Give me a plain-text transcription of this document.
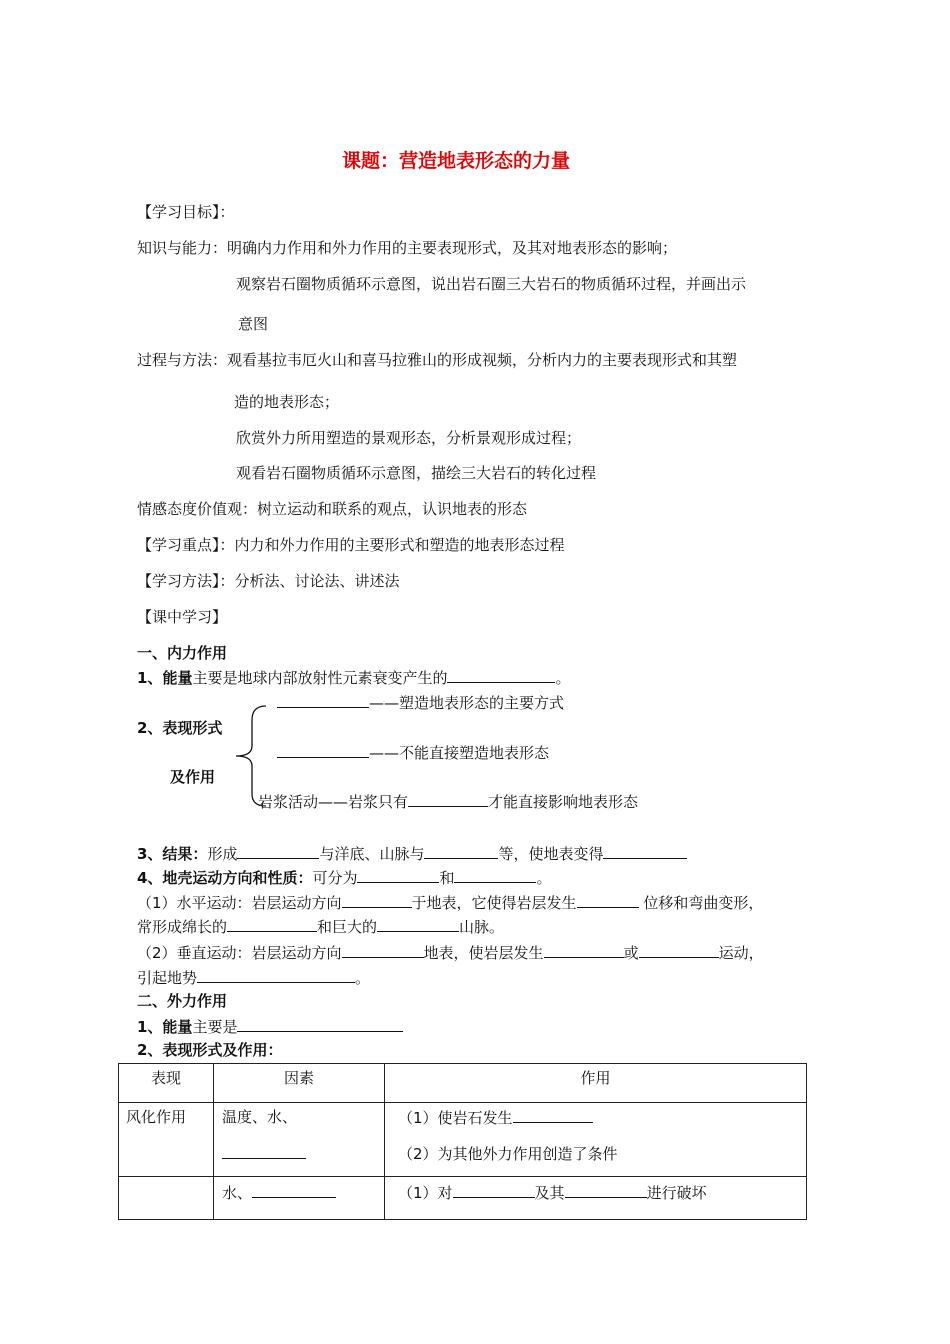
课题：营造地表形态的力量
【学习目标】：
知识与能力：明确内力作用和外力作用的主要表现形式，及其对地表形态的影响；
观察岩石圈物质循环示意图，说出岩石圈三大岩石的物质循环过程，并画出示
意图
过程与方法：观看基拉韦厄火山和喜马拉雅山的形成视频，分析内力的主要表现形式和其塑
造的地表形态；
欣赏外力所用塑造的景观形态，分析景观形成过程；
观看岩石圈物质循环示意图，描绘三大岩石的转化过程
情感态度价值观：树立运动和联系的观点，认识地表的形态
【学习重点】：内力和外力作用的主要形式和塑造的地表形态过程
【学习方法】：分析法、讨论法、讲述法
【课中学习】
一、内力作用
1、能量主要是地球内部放射性元素衰变产生的	。
2、表现形式
及作用
——塑造地表形态的主要方式
——不能直接塑造地表形态
岩浆活动——岩浆只有	才能直接影响地表形态
3、结果：形成	与洋底、山脉与	等，使地表变得
4、地壳运动方向和性质：可分为	和	。
（1）水平运动：岩层运动方向	于地表，它使得岩层发生	位移和弯曲变形，
常形成绵长的	和巨大的	山脉。
（2）垂直运动：岩层运动方向	地表，使岩层发生	或	运动，
引起地势	。
二、外力作用
1、能量主要是
2、表现形式及作用：
表现	因素	作用

风化作用	温度、水、	（1）使岩石发生
（2）为其他外力作用创造了条件

	水、	（1）对 及其 进行破坏
